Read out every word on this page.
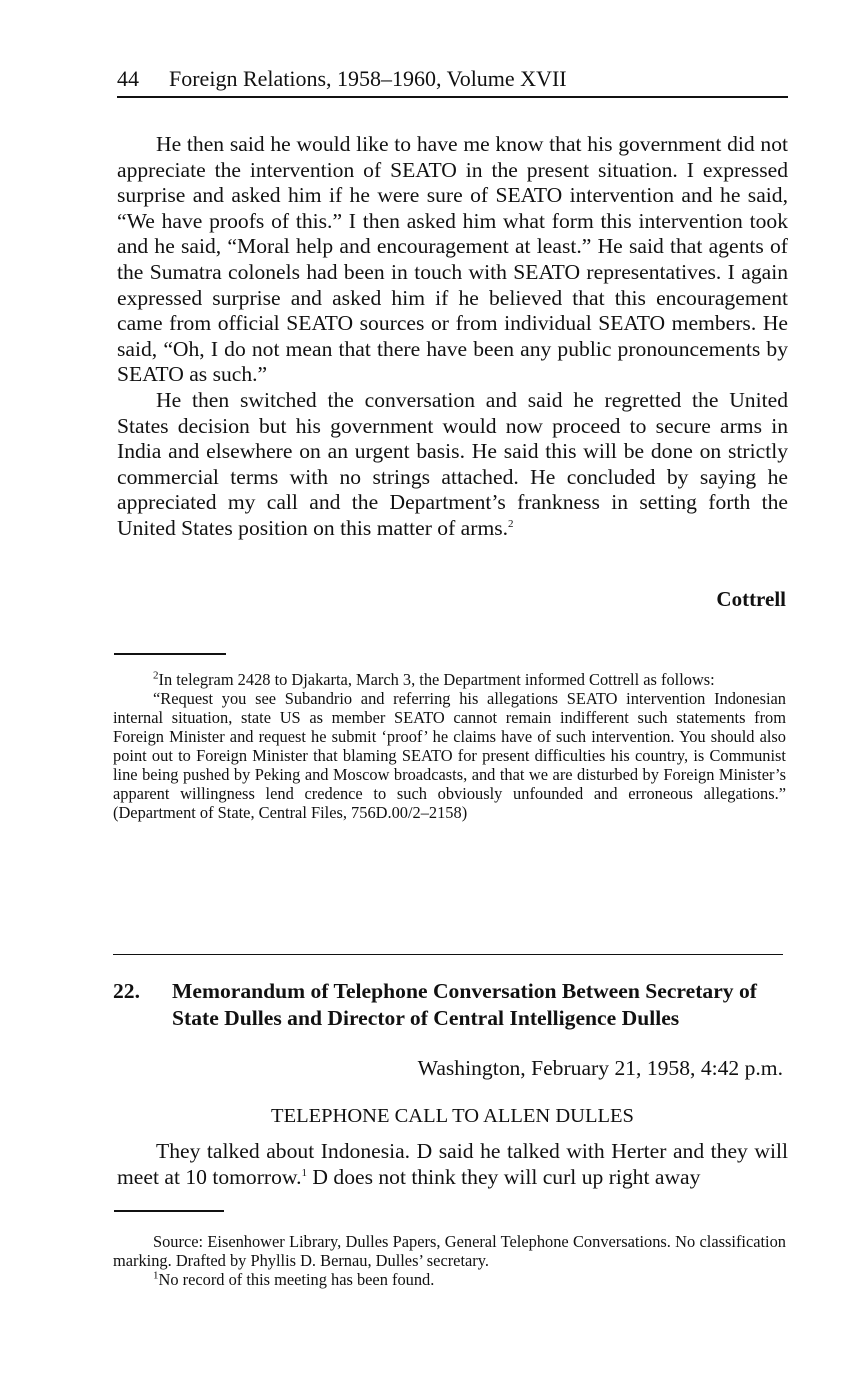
44 Foreign Relations, 1958–1960, Volume XVII

He then said he would like to have me know that his government did not appreciate the intervention of SEATO in the present situation. I expressed surprise and asked him if he were sure of SEATO intervention and he said, “We have proofs of this.” I then asked him what form this intervention took and he said, “Moral help and encouragement at least.” He said that agents of the Sumatra colonels had been in touch with SEATO representatives. I again expressed surprise and asked him if he believed that this encouragement came from official SEATO sources or from individual SEATO members. He said, “Oh, I do not mean that there have been any public pronouncements by SEATO as such.”

He then switched the conversation and said he regretted the United States decision but his government would now proceed to secure arms in India and elsewhere on an urgent basis. He said this will be done on strictly commercial terms with no strings attached. He concluded by saying he appreciated my call and the Department’s frankness in setting forth the United States position on this matter of arms.$^2$

Cottrell

$^2$In telegram 2428 to Djakarta, March 3, the Department informed Cottrell as follows:

“Request you see Subandrio and referring his allegations SEATO intervention Indonesian internal situation, state US as member SEATO cannot remain indifferent such statements from Foreign Minister and request he submit ‘proof’ he claims have of such intervention. You should also point out to Foreign Minister that blaming SEATO for present difficulties his country, is Communist line being pushed by Peking and Moscow broadcasts, and that we are disturbed by Foreign Minister’s apparent willingness lend credence to such obviously unfounded and erroneous allegations.” (Department of State, Central Files, 756D.00/2–2158)

22. Memorandum of Telephone Conversation Between Secretary of State Dulles and Director of Central Intelligence Dulles
Washington, February 21, 1958, 4:42 p.m.
TELEPHONE CALL TO ALLEN DULLES

They talked about Indonesia. D said he talked with Herter and they will meet at 10 tomorrow.$^1$ D does not think they will curl up right away

Source: Eisenhower Library, Dulles Papers, General Telephone Conversations. No classification marking. Drafted by Phyllis D. Bernau, Dulles’ secretary.

$^1$No record of this meeting has been found.
